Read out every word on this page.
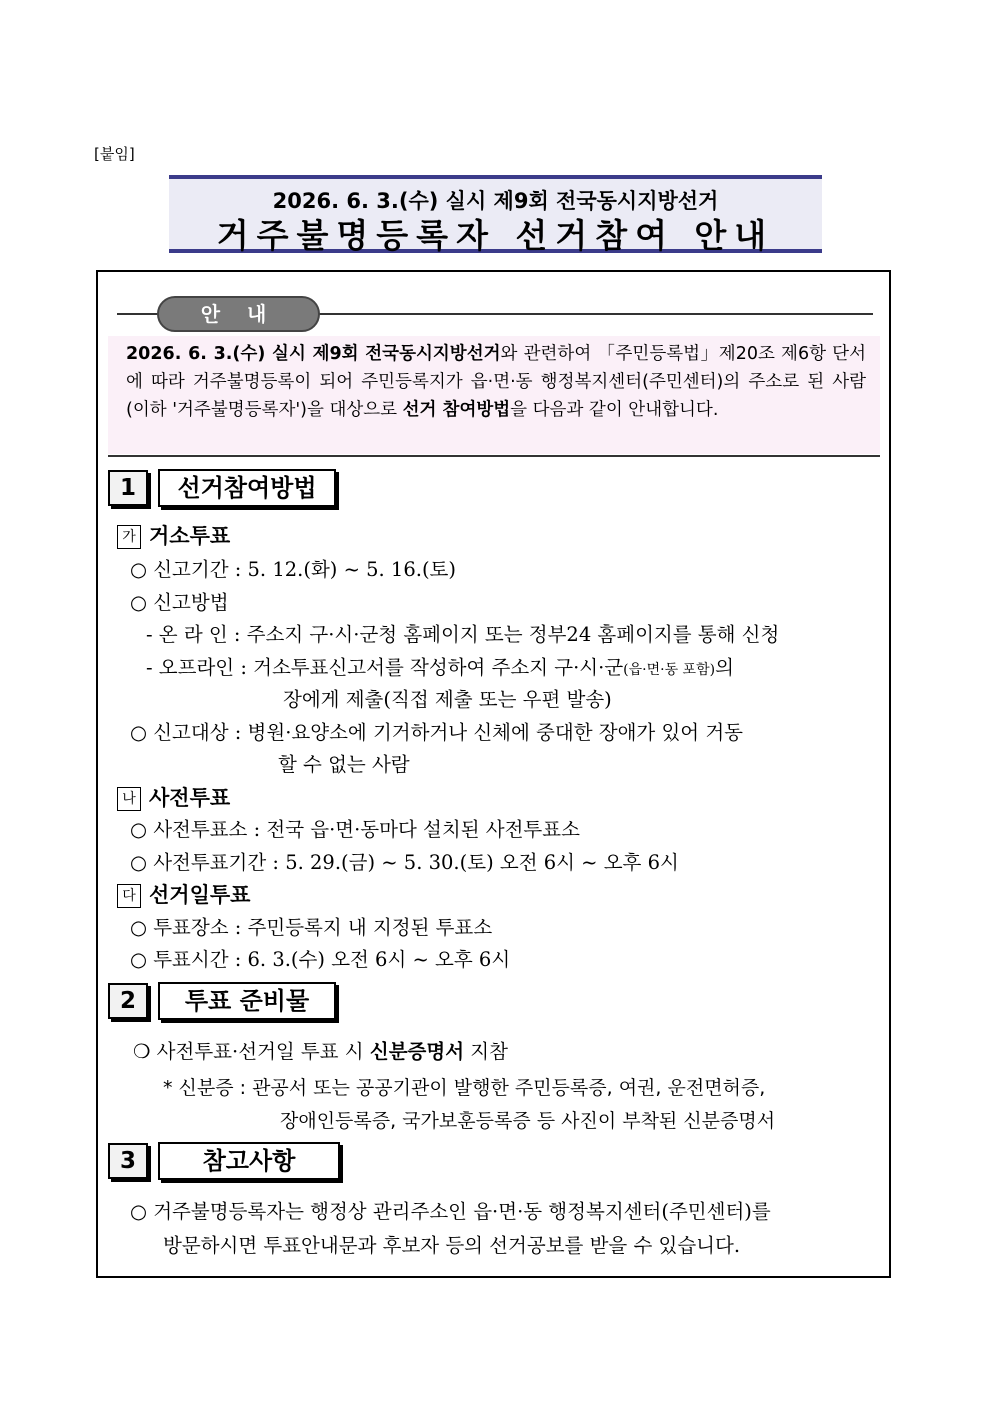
[붙임]
2026. 6. 3.(수) 실시 제9회 전국동시지방선거
거주불명등록자 선거참여 안내
안 내
2026. 6. 3.(수) 실시 제9회 전국동시지방선거와 관련하여 「주민등록법」제20조 제6항 단서에 따라 거주불명등록이 되어 주민등록지가 읍·면·동 행정복지센터(주민센터)의 주소로 된 사람(이하 '거주불명등록자')을 대상으로 선거 참여방법을 다음과 같이 안내합니다.
1	선거참여방법
가 거소투표
○ 신고기간 : 5. 12.(화) ~ 5. 16.(토)
○ 신고방법
- 온 라 인 : 주소지 구·시·군청 홈페이지 또는 정부24 홈페이지를 통해 신청
- 오프라인 : 거소투표신고서를 작성하여 주소지 구·시·군(읍·면·동 포함)의
장에게 제출(직접 제출 또는 우편 발송)
○ 신고대상 : 병원·요양소에 기거하거나 신체에 중대한 장애가 있어 거동
할 수 없는 사람
나 사전투표
○ 사전투표소 : 전국 읍·면·동마다 설치된 사전투표소
○ 사전투표기간 : 5. 29.(금) ~ 5. 30.(토) 오전 6시 ~ 오후 6시
다 선거일투표
○ 투표장소 : 주민등록지 내 지정된 투표소
○ 투표시간 : 6. 3.(수) 오전 6시 ~ 오후 6시
2	투표 준비물
❍ 사전투표·선거일 투표 시 신분증명서 지참
* 신분증 : 관공서 또는 공공기관이 발행한 주민등록증, 여권, 운전면허증,
장애인등록증, 국가보훈등록증 등 사진이 부착된 신분증명서
3	참고사항
○ 거주불명등록자는 행정상 관리주소인 읍·면·동 행정복지센터(주민센터)를
방문하시면 투표안내문과 후보자 등의 선거공보를 받을 수 있습니다.
